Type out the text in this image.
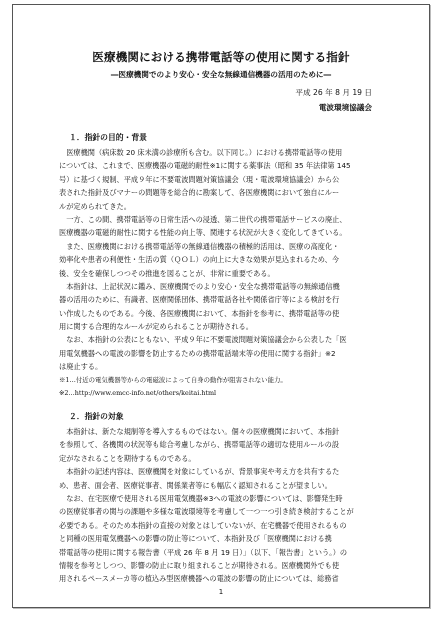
医療機関における携帯電話等の使用に関する指針
―医療機関でのより安心・安全な無線通信機器の活用のために―
平成 26 年 8 月 19 日
電波環境協議会
１．指針の目的・背景
　医療機関（病床数 20 床未満の診療所も含む。以下同じ。）における携帯電話等の使用
については、これまで、医療機器の電磁的耐性※1に関する薬事法（昭和 35 年法律第 145
号）に基づく規制、平成９年に不要電波問題対策協議会（現・電波環境協議会）から公
表された指針及びマナーの問題等を総合的に勘案して、各医療機関において独自にルー
ルが定められてきた。
　一方、この間、携帯電話等の日常生活への浸透、第二世代の携帯電話サービスの廃止、
医療機器の電磁的耐性に関する性能の向上等、関連する状況が大きく変化してきている。
　また、医療機関における携帯電話等の無線通信機器の積極的活用は、医療の高度化・
効率化や患者の利便性・生活の質（ＱＯＬ）の向上に大きな効果が見込まれるため、今
後、安全を確保しつつその推進を図ることが、非常に重要である。
　本指針は、上記状況に鑑み、医療機関でのより安心・安全な携帯電話等の無線通信機
器の活用のために、有識者、医療関係団体、携帯電話各社や関係省庁等による検討を行
い作成したものである。今後、各医療機関において、本指針を参考に、携帯電話等の使
用に関する合理的なルールが定められることが期待される。
　なお、本指針の公表にともない、平成９年に不要電波問題対策協議会から公表した「医
用電気機器への電波の影響を防止するための携帯電話端末等の使用に関する指針」※2
は廃止する。
※1…付近の電気機器等からの電磁波によって自身の動作が阻害されない能力。
※2…http://www.emcc-info.net/others/keitai.html
２．指針の対象
　本指針は、新たな規制等を導入するものではない。個々の医療機関において、本指針
を参照して、各機関の状況等も総合考慮しながら、携帯電話等の適切な使用ルールの設
定がなされることを期待するものである。
　本指針の記述内容は、医療機関を対象にしているが、背景事実や考え方を共有するた
め、患者、面会者、医療従事者、関係業者等にも幅広く認知されることが望ましい。
　なお、在宅医療で使用される医用電気機器※3への電波の影響については、影響発生時
の医療従事者の関与の課題や多様な電波環境等を考慮して一つ一つ引き続き検討することが
必要である。そのため本指針の直接の対象とはしていないが、在宅機器で使用されるもの
と同種の医用電気機器への影響の防止等について、本指針及び「医療機関における携
帯電話等の使用に関する報告書（平成 26 年 8 月 19 日）」（以下、「報告書」という。）の
情報を参考としつつ、影響の防止に取り組まれることが期待される。医療機関外でも使
用されるペースメーカ等の植込み型医療機器への電波の影響の防止については、総務省
1
